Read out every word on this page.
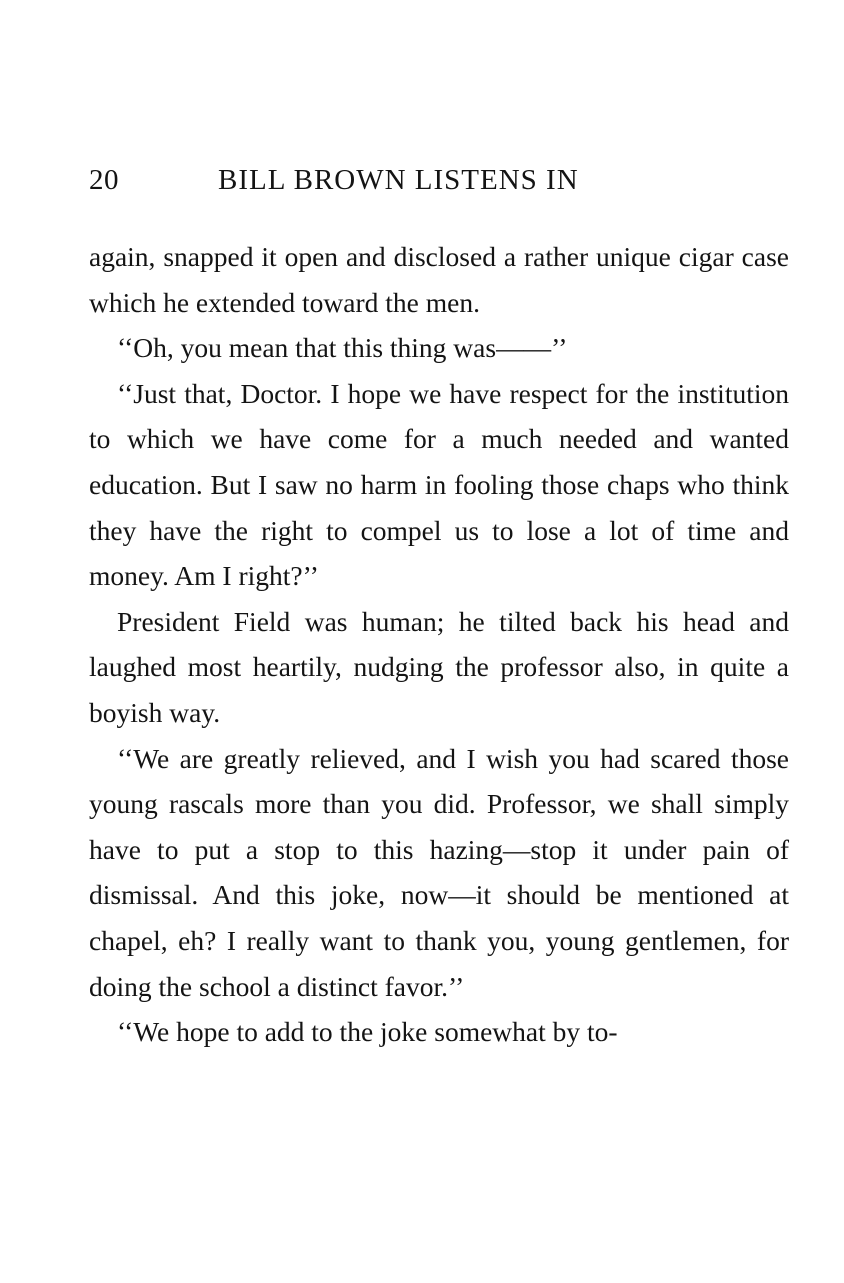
20	BILL BROWN LISTENS IN

again, snapped it open and disclosed a rather unique cigar case which he extended toward the men.

‘‘Oh, you mean that this thing was——’’

‘‘Just that, Doctor. I hope we have respect for the institution to which we have come for a much needed and wanted education. But I saw no harm in fooling those chaps who think they have the right to compel us to lose a lot of time and money. Am I right?’’

President Field was human; he tilted back his head and laughed most heartily, nudging the professor also, in quite a boyish way.

‘‘We are greatly relieved, and I wish you had scared those young rascals more than you did. Professor, we shall simply have to put a stop to this hazing—stop it under pain of dismissal. And this joke, now—it should be mentioned at chapel, eh? I really want to thank you, young gentlemen, for doing the school a distinct favor.’’

‘‘We hope to add to the joke somewhat by to-
